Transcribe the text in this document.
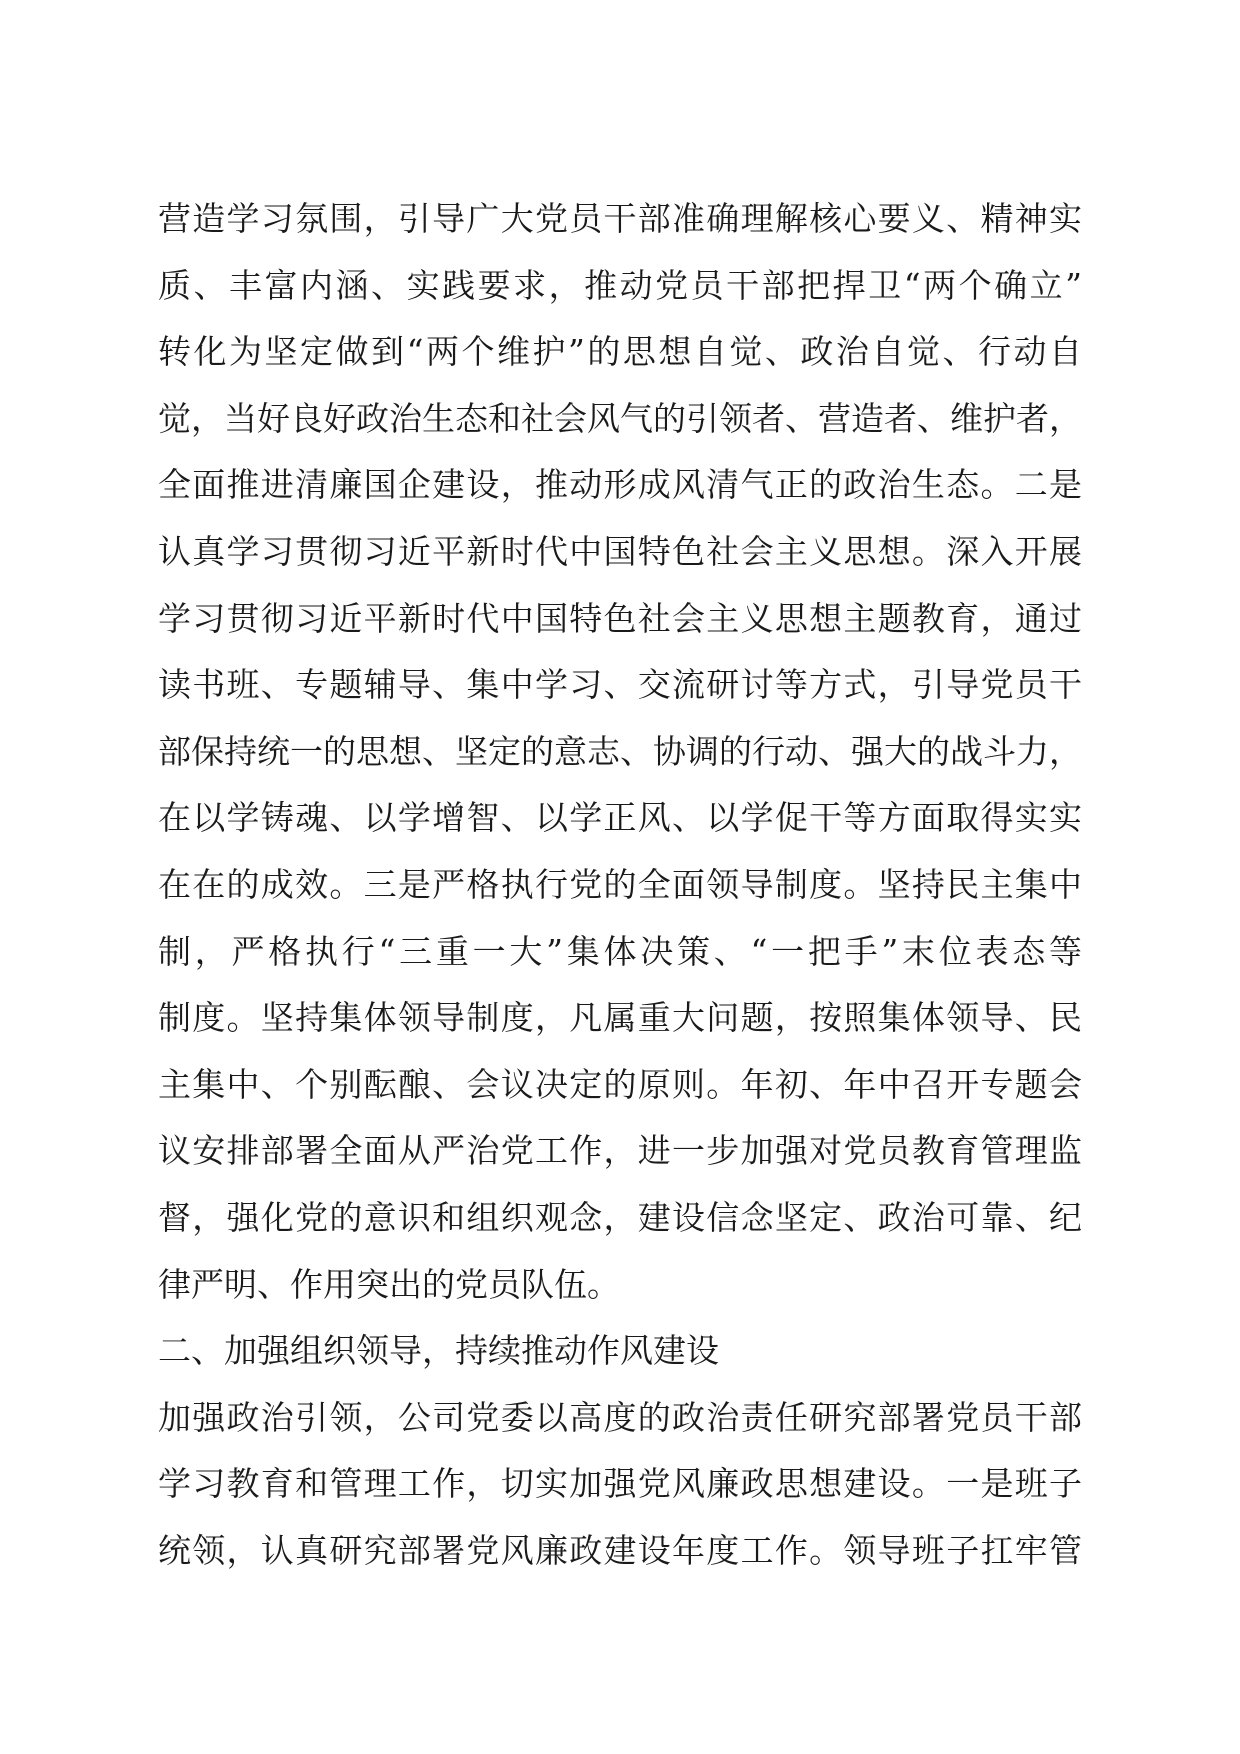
营造学习氛围，引导广大党员干部准确理解核心要义、精神实
质、丰富内涵、实践要求，推动党员干部把捍卫“两个确立”
转化为坚定做到“两个维护”的思想自觉、政治自觉、行动自
觉，当好良好政治生态和社会风气的引领者、营造者、维护者，
全面推进清廉国企建设，推动形成风清气正的政治生态。二是
认真学习贯彻习近平新时代中国特色社会主义思想。深入开展
学习贯彻习近平新时代中国特色社会主义思想主题教育，通过
读书班、专题辅导、集中学习、交流研讨等方式，引导党员干
部保持统一的思想、坚定的意志、协调的行动、强大的战斗力，
在以学铸魂、以学增智、以学正风、以学促干等方面取得实实
在在的成效。三是严格执行党的全面领导制度。坚持民主集中
制，严格执行“三重一大”集体决策、“一把手”末位表态等
制度。坚持集体领导制度，凡属重大问题，按照集体领导、民
主集中、个别酝酿、会议决定的原则。年初、年中召开专题会
议安排部署全面从严治党工作，进一步加强对党员教育管理监
督，强化党的意识和组织观念，建设信念坚定、政治可靠、纪
律严明、作用突出的党员队伍。
二、加强组织领导，持续推动作风建设
加强政治引领，公司党委以高度的政治责任研究部署党员干部
学习教育和管理工作，切实加强党风廉政思想建设。一是班子
统领，认真研究部署党风廉政建设年度工作。领导班子扛牢管
